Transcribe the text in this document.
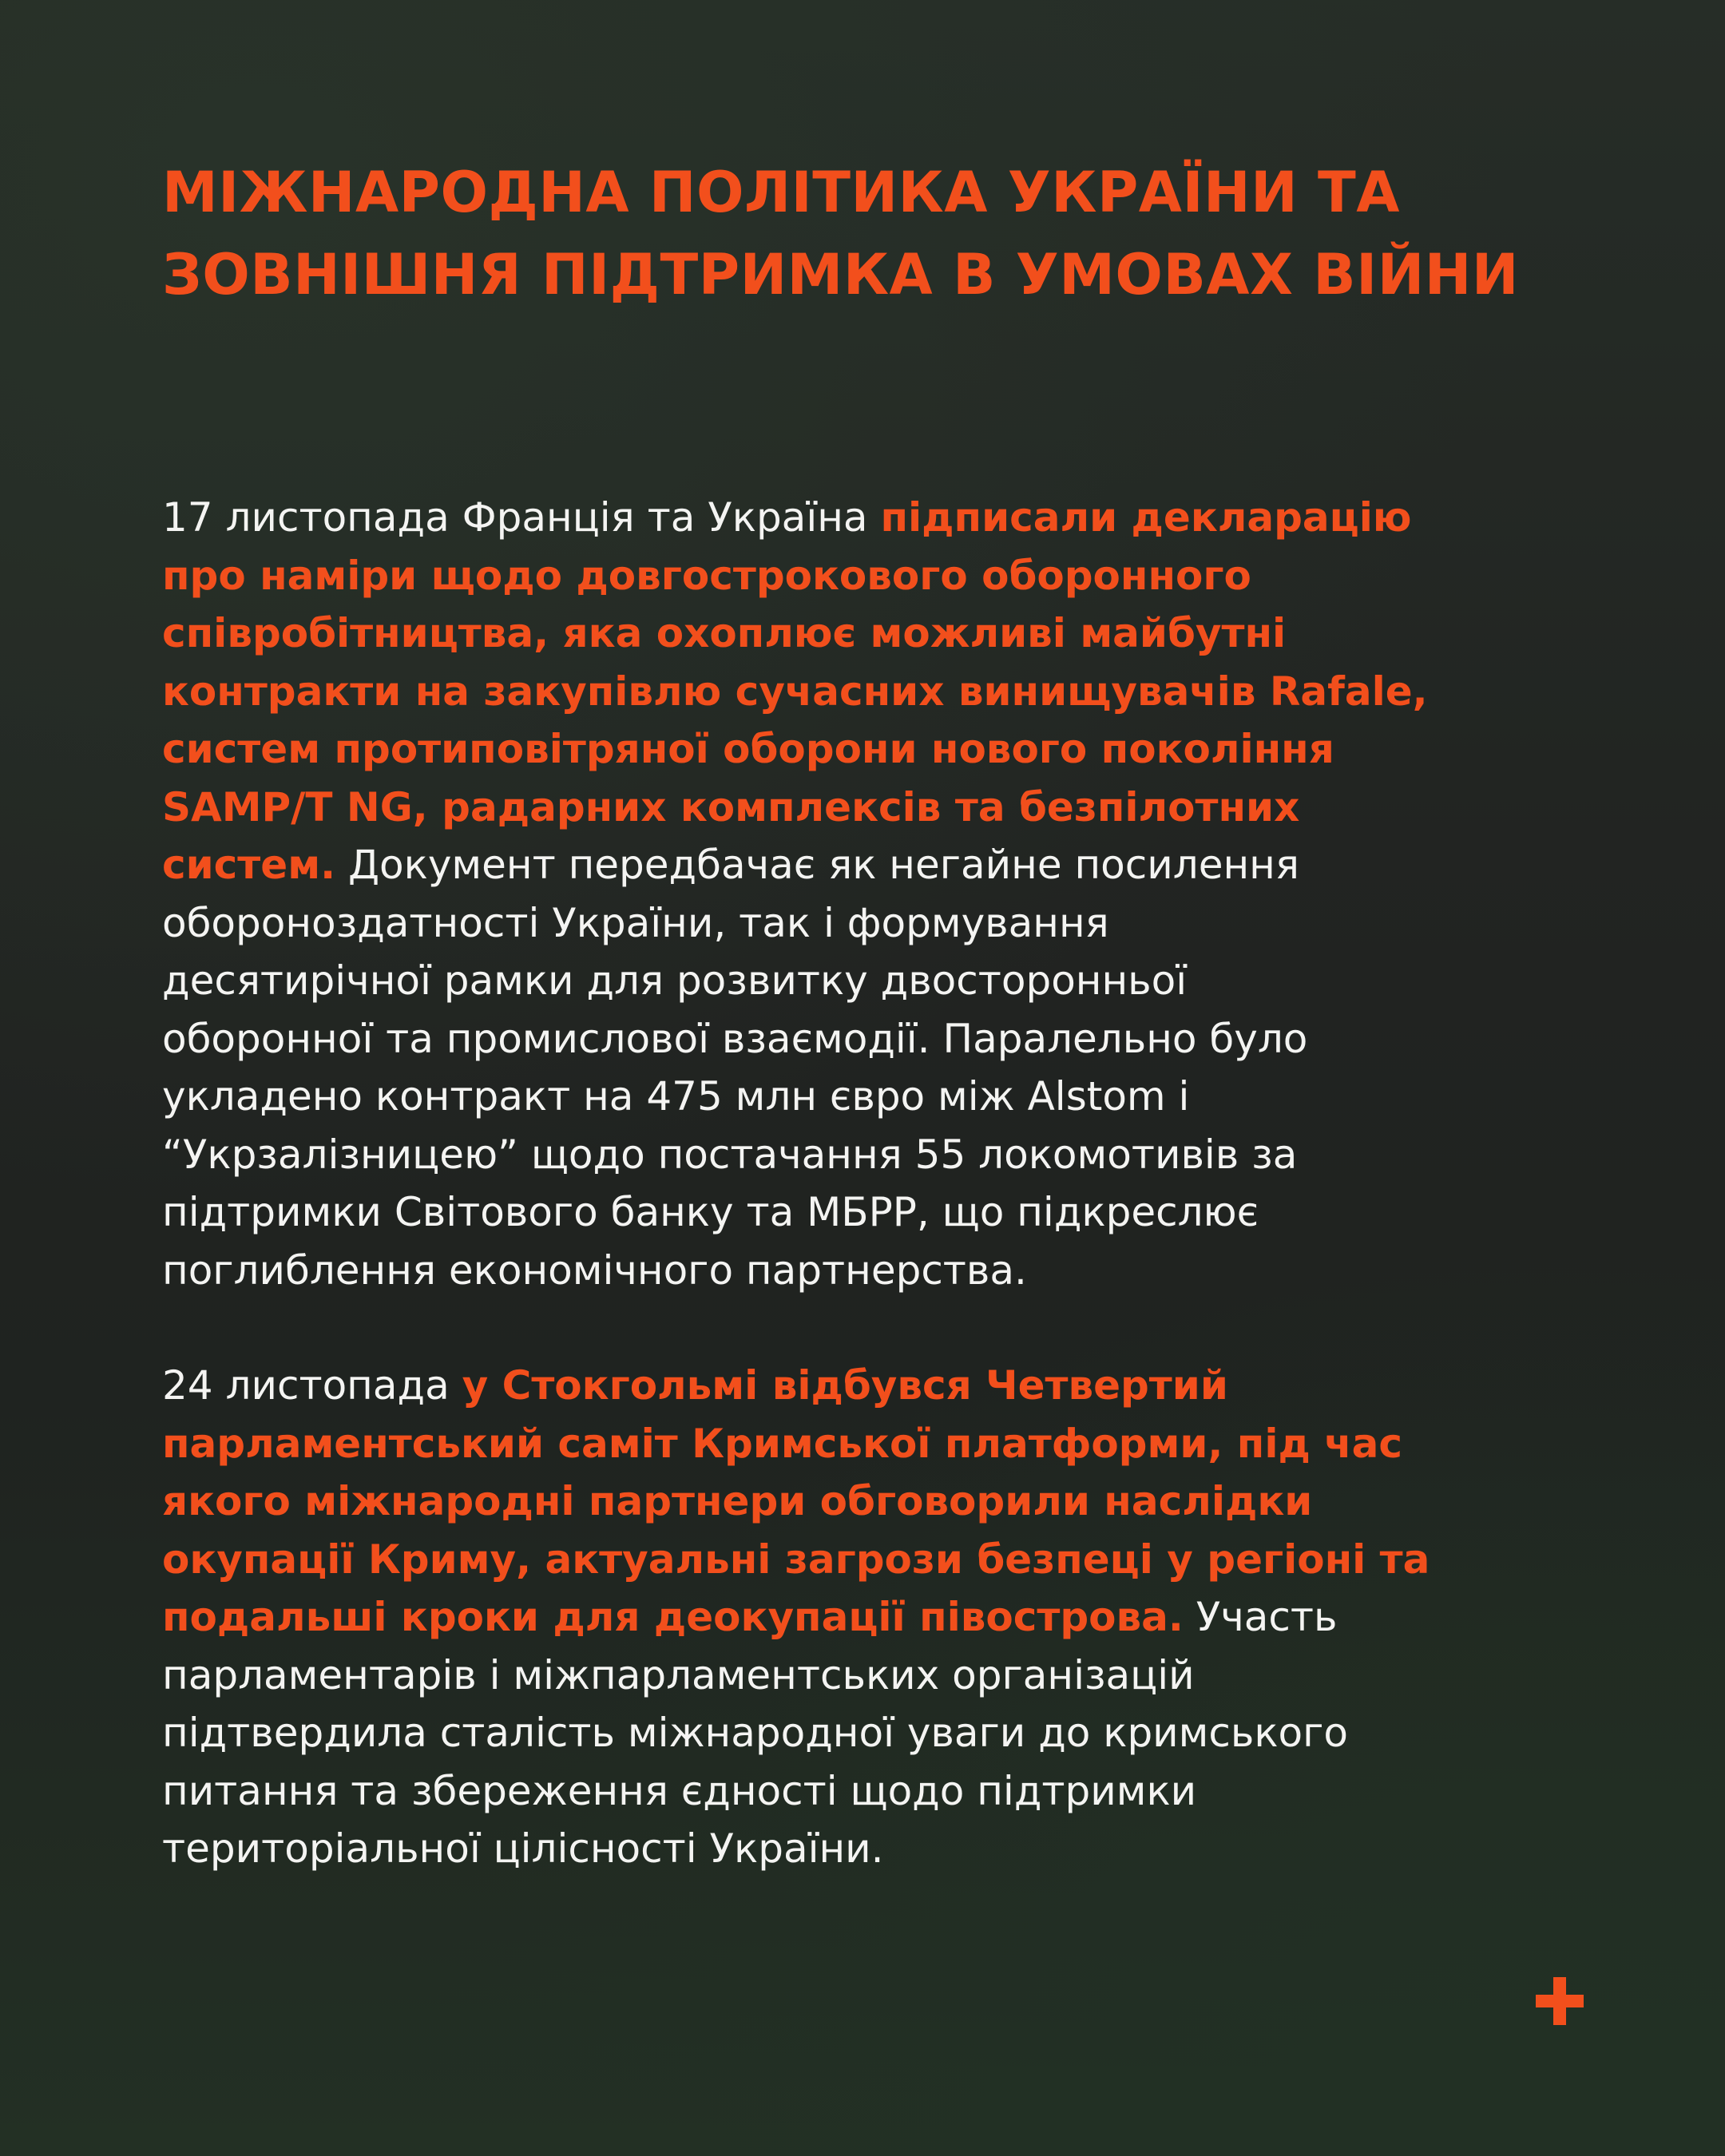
МІЖНАРОДНА ПОЛІТИКА УКРАЇНИ ТА
ЗОВНІШНЯ ПІДТРИМКА В УМОВАХ ВІЙНИ

17 листопада Франція та Україна підписали декларацію
про наміри щодо довгострокового оборонного
співробітництва, яка охоплює можливі майбутні
контракти на закупівлю сучасних винищувачів Rafale,
систем протиповітряної оборони нового покоління
SAMP/T NG, радарних комплексів та безпілотних
систем. Документ передбачає як негайне посилення
обороноздатності України, так і формування
десятирічної рамки для розвитку двосторонньої
оборонної та промислової взаємодії. Паралельно було
укладено контракт на 475 млн євро між Alstom і
“Укрзалізницею” щодо постачання 55 локомотивів за
підтримки Світового банку та МБРР, що підкреслює
поглиблення економічного партнерства.

24 листопада у Стокгольмі відбувся Четвертий
парламентський саміт Кримської платформи, під час
якого міжнародні партнери обговорили наслідки
окупації Криму, актуальні загрози безпеці у регіоні та
подальші кроки для деокупації півострова. Участь
парламентарів і міжпарламентських організацій
підтвердила сталість міжнародної уваги до кримського
питання та збереження єдності щодо підтримки
територіальної цілісності України.
